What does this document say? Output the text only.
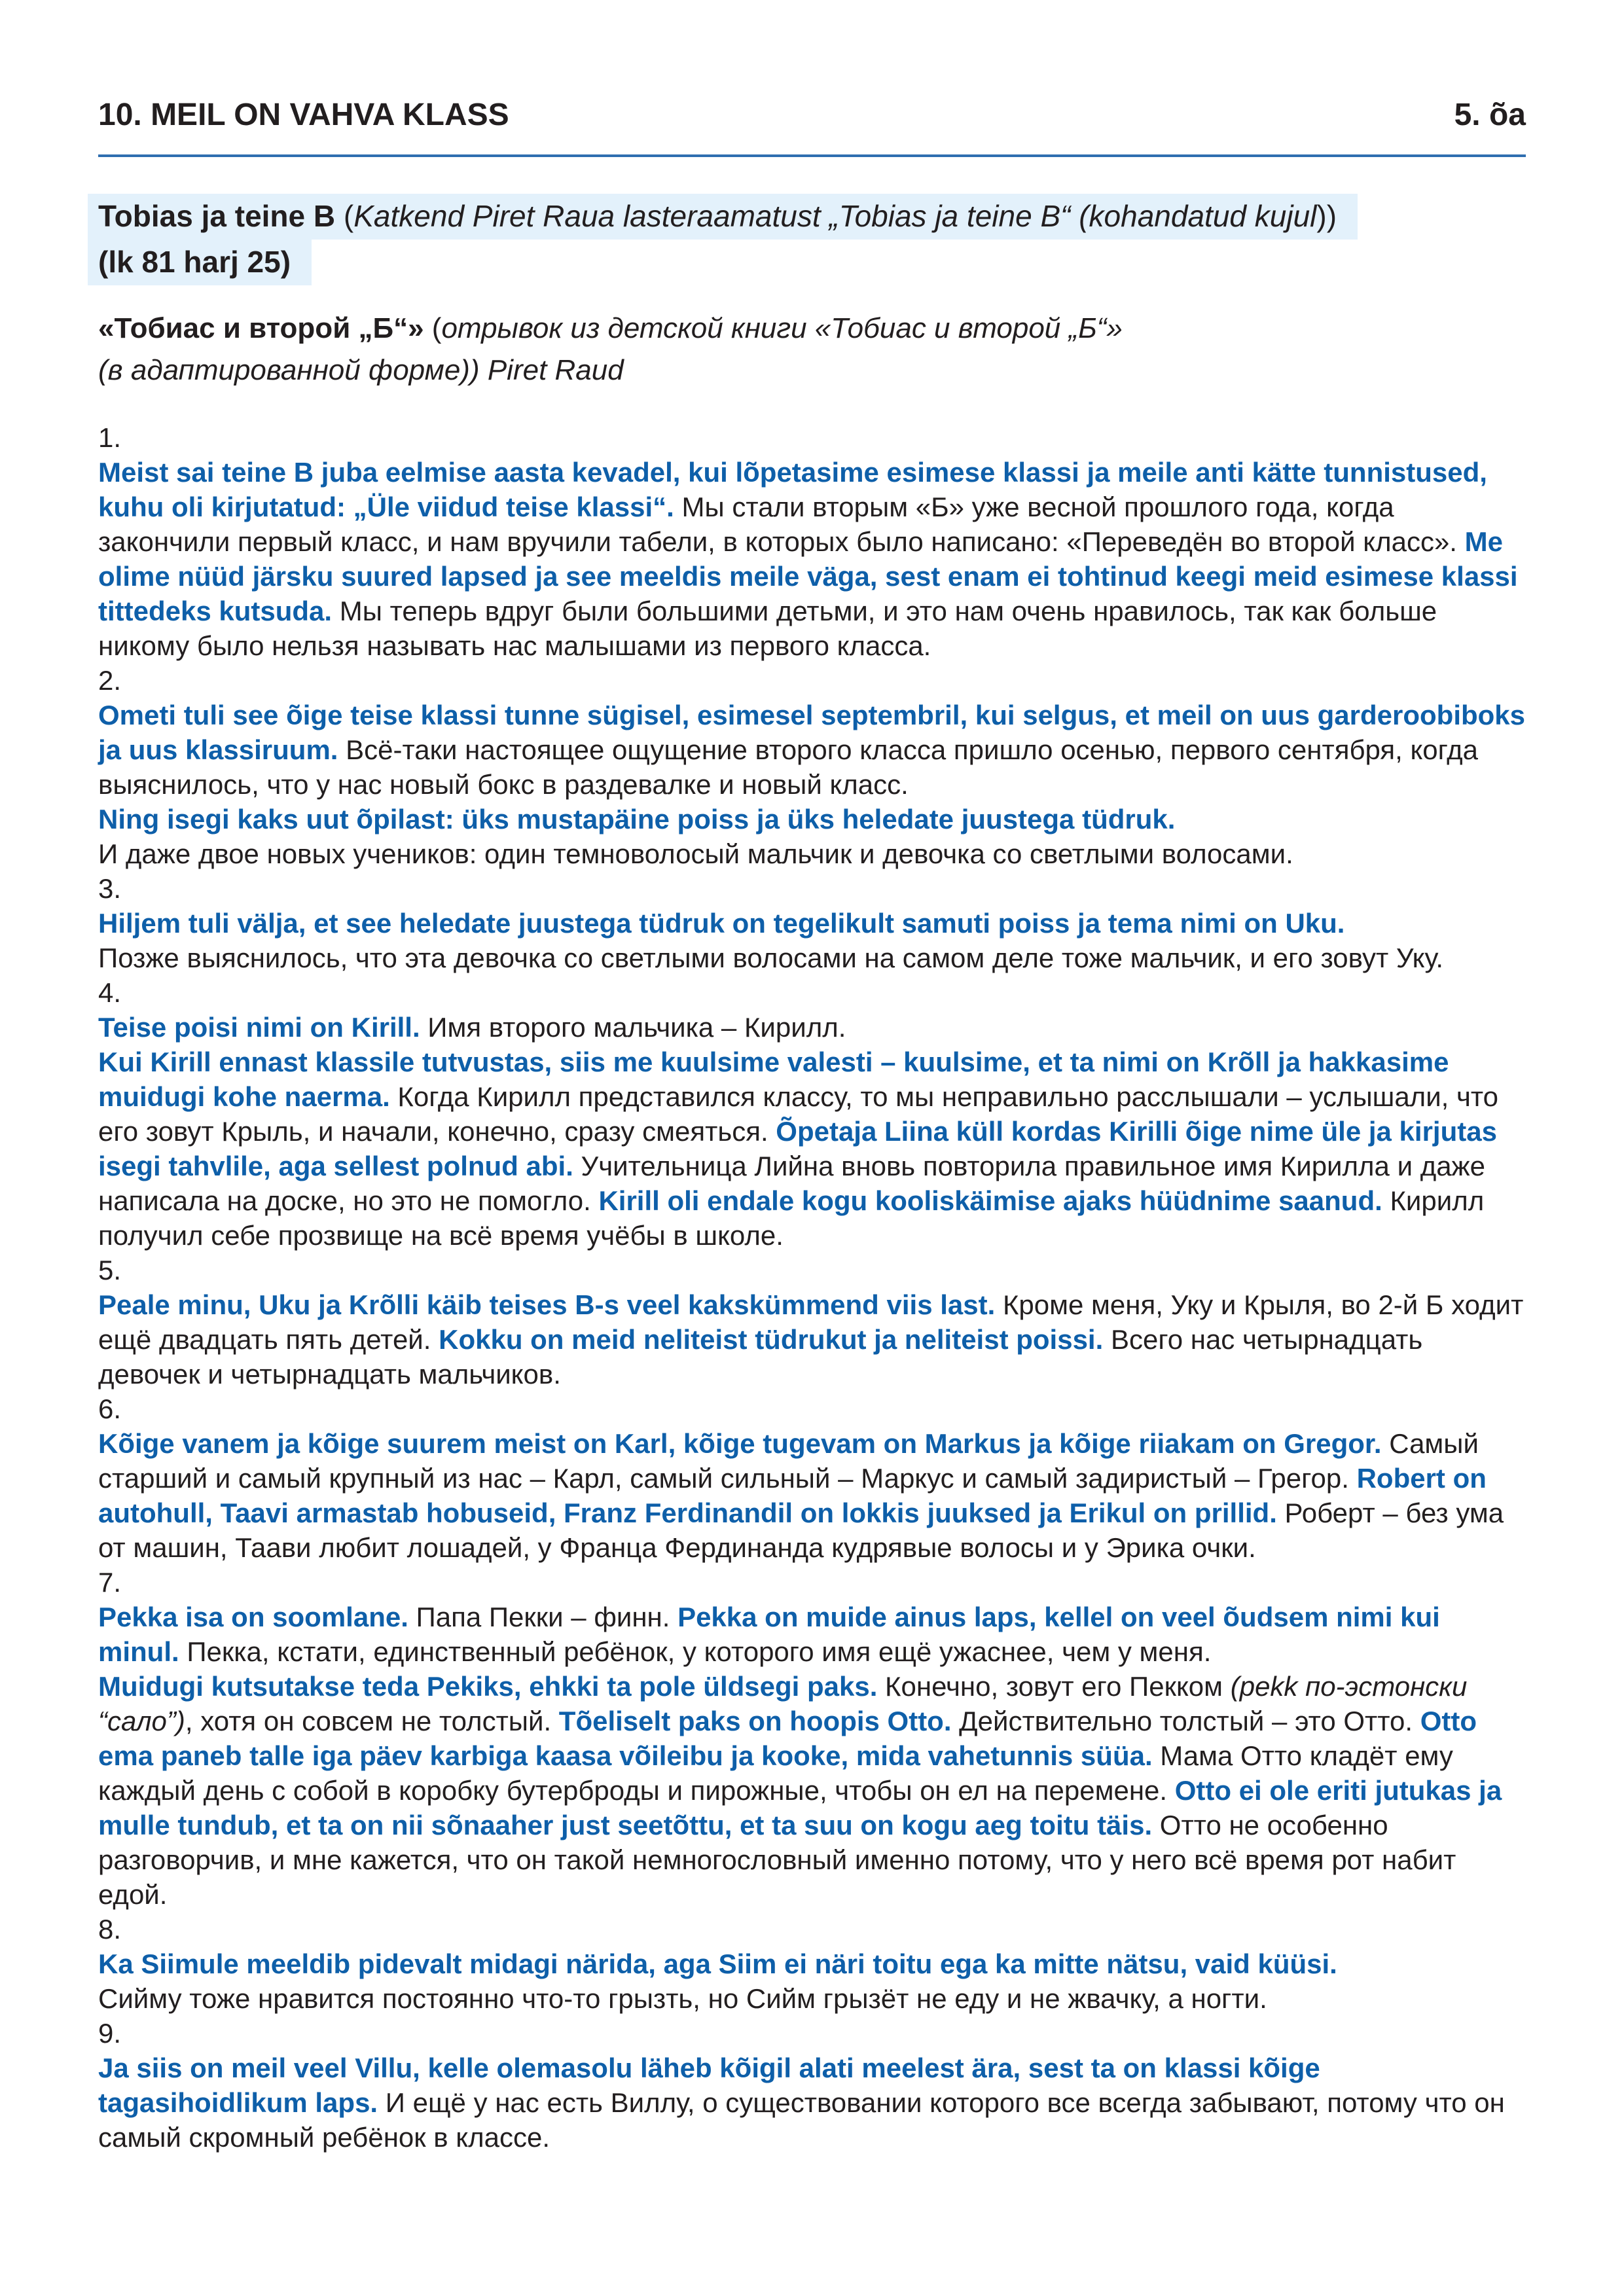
10. MEIL ON VAHVA KLASS	5. õa
Tobias ja teine B (Katkend Piret Raua lasteraamatust „Tobias ja teine B“ (kohandatud kujul))
(lk 81 harj 25)
«Тобиас и второй „Б“» (отрывок из детской книги «Тобиас и второй „Б“»
(в адаптированной форме)) Piret Raud
1.
Meist sai teine B juba eelmise aasta kevadel, kui lõpetasime esimese klassi ja meile anti kätte tunnistused, kuhu oli kirjutatud: „Üle viidud teise klassi“. Мы стали вторым «Б» уже весной прошлого года, когда закончили первый класс, и нам вручили табели, в которых было написано: «Переведён во второй класс». Me olime nüüd järsku suured lapsed ja see meeldis meile väga, sest enam ei tohtinud keegi meid esimese klassi tittedeks kutsuda. Мы теперь вдруг были большими детьми, и это нам очень нравилось, так как больше никому было нельзя называть нас малышами из первого класса.
2.
Ometi tuli see õige teise klassi tunne sügisel, esimesel septembril, kui selgus, et meil on uus garderoobiboks ja uus klassiruum. Всё-таки настоящее ощущение второго класса пришло осенью, первого сентября, когда выяснилось, что у нас новый бокс в раздевалке и новый класс.
Ning isegi kaks uut õpilast: üks mustapäine poiss ja üks heledate juustega tüdruk.
И даже двое новых учеников: один темноволосый мальчик и девочка со светлыми волосами.
3.
Hiljem tuli välja, et see heledate juustega tüdruk on tegelikult samuti poiss ja tema nimi on Uku.
Позже выяснилось, что эта девочка со светлыми волосами на самом деле тоже мальчик, и его зовут Уку.
4.
Teise poisi nimi on Kirill. Имя второго мальчика – Кирилл.
Kui Kirill ennast klassile tutvustas, siis me kuulsime valesti – kuulsime, et ta nimi on Krõll ja hakkasime muidugi kohe naerma. Когда Кирилл представился классу, то мы неправильно расслышали – услышали, что его зовут Крыль, и начали, конечно, сразу смеяться. Õpetaja Liina küll kordas Kirilli õige nime üle ja kirjutas isegi tahvlile, aga sellest polnud abi. Учительница Лийна вновь повторила правильное имя Кирилла и даже написала на доске, но это не помогло. Kirill oli endale kogu kooliskäimise ajaks hüüdnime saanud. Кирилл получил себе прозвище на всё время учёбы в школе.
5.
Peale minu, Uku ja Krõlli käib teises B-s veel kakskümmend viis last. Кроме меня, Уку и Крыля, во 2-й Б ходит ещё двадцать пять детей. Kokku on meid neliteist tüdrukut ja neliteist poissi. Всего нас четырнадцать девочек и четырнадцать мальчиков.
6.
Kõige vanem ja kõige suurem meist on Karl, kõige tugevam on Markus ja kõige riiakam on Gregor. Самый старший и самый крупный из нас – Карл, самый сильный – Маркус и самый задиристый – Грегор. Robert on autohull, Taavi armastab hobuseid, Franz Ferdinandil on lokkis juuksed ja Erikul on prillid. Роберт – без ума от машин, Таави любит лошадей, у Франца Фердинанда кудрявые волосы и у Эрика очки.
7.
Pekka isa on soomlane. Папа Пекки – финн. Pekka on muide ainus laps, kellel on veel õudsem nimi kui minul. Пекка, кстати, единственный ребёнок, у которого имя ещё ужаснее, чем у меня.
Muidugi kutsutakse teda Pekiks, ehkki ta pole üldsegi paks. Конечно, зовут его Пекком (pekk по-эстонски “сало”), хотя он совсем не толстый. Tõeliselt paks on hoopis Otto. Действительно толстый – это Отто. Otto ema paneb talle iga päev karbiga kaasa võileibu ja kooke, mida vahetunnis süüa. Мама Отто кладёт ему каждый день с собой в коробку бутерброды и пирожные, чтобы он ел на перемене. Otto ei ole eriti jutukas ja mulle tundub, et ta on nii sõnaaher just seetõttu, et ta suu on kogu aeg toitu täis. Отто не особенно разговорчив, и мне кажется, что он такой немногословный именно потому, что у него всё время рот набит едой.
8.
Ka Siimule meeldib pidevalt midagi närida, aga Siim ei näri toitu ega ka mitte nätsu, vaid küüsi.
Сийму тоже нравится постоянно что-то грызть, но Сийм грызёт не еду и не жвачку, а ногти.
9.
Ja siis on meil veel Villu, kelle olemasolu läheb kõigil alati meelest ära, sest ta on klassi kõige tagasihoidlikum laps. И ещё у нас есть Виллу, о существовании которого все всегда забывают, потому что он самый скромный ребёнок в классе.
